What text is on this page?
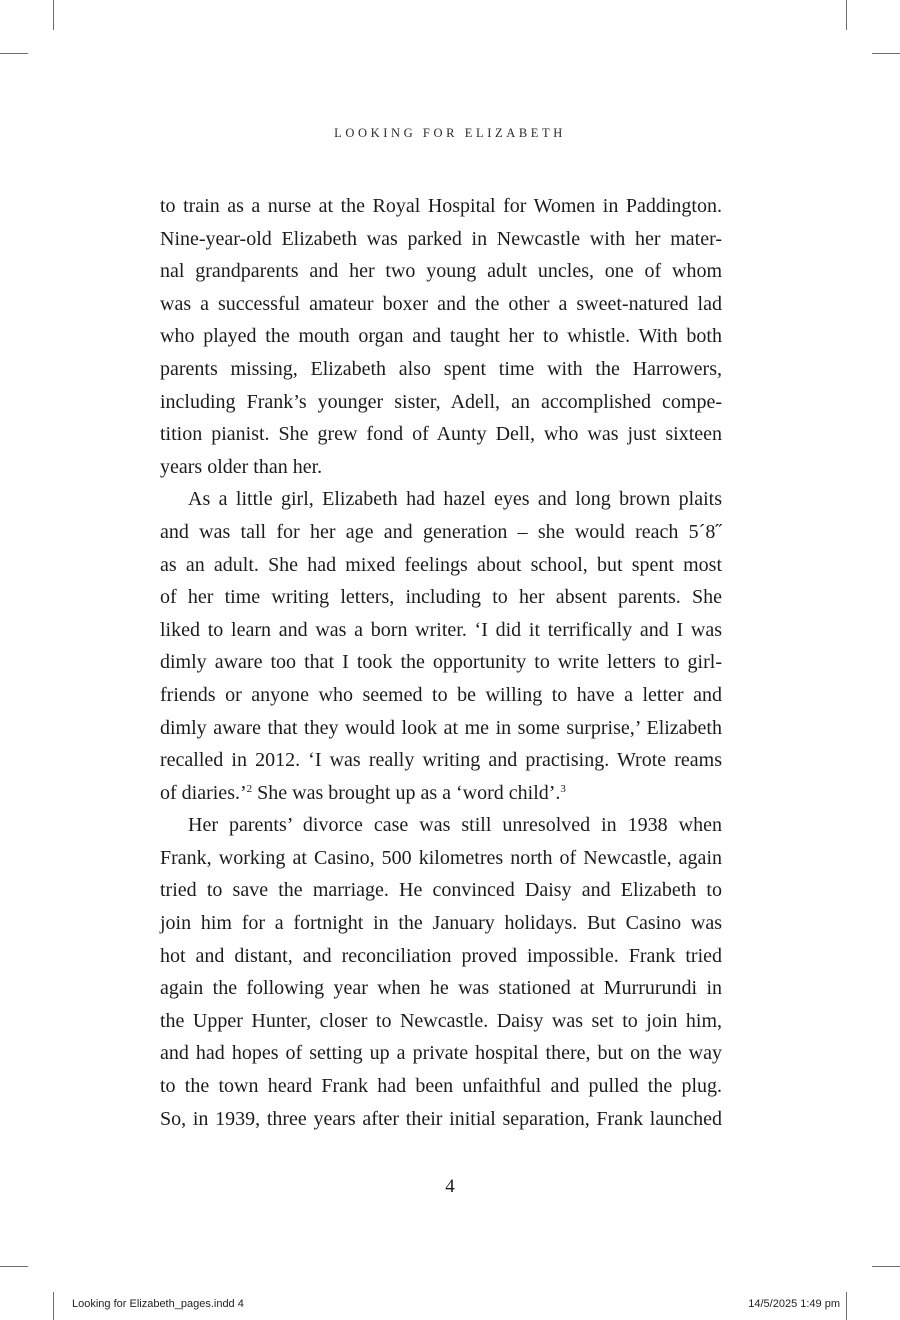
LOOKING FOR ELIZABETH
to train as a nurse at the Royal Hospital for Women in Paddington.
Nine-year-old Elizabeth was parked in Newcastle with her mater-
nal grandparents and her two young adult uncles, one of whom
was a successful amateur boxer and the other a sweet-natured lad
who played the mouth organ and taught her to whistle. With both
parents missing, Elizabeth also spent time with the Harrowers,
including Frank’s younger sister, Adell, an accomplished compe-
tition pianist. She grew fond of Aunty Dell, who was just sixteen
years older than her.
As a little girl, Elizabeth had hazel eyes and long brown plaits
and was tall for her age and generation – she would reach 5´8˝
as an adult. She had mixed feelings about school, but spent most
of her time writing letters, including to her absent parents. She
liked to learn and was a born writer. ‘I did it terrifically and I was
dimly aware too that I took the opportunity to write letters to girl-
friends or anyone who seemed to be willing to have a letter and
dimly aware that they would look at me in some surprise,’ Elizabeth
recalled in 2012. ‘I was really writing and practising. Wrote reams
of diaries.’$^2$ She was brought up as a ‘word child’.$^3$
Her parents’ divorce case was still unresolved in 1938 when
Frank, working at Casino, 500 kilometres north of Newcastle, again
tried to save the marriage. He convinced Daisy and Elizabeth to
join him for a fortnight in the January holidays. But Casino was
hot and distant, and reconciliation proved impossible. Frank tried
again the following year when he was stationed at Murrurundi in
the Upper Hunter, closer to Newcastle. Daisy was set to join him,
and had hopes of setting up a private hospital there, but on the way
to the town heard Frank had been unfaithful and pulled the plug.
So, in 1939, three years after their initial separation, Frank launched
4
Looking for Elizabeth_pages.indd 4	14/5/2025 1:49 pm
